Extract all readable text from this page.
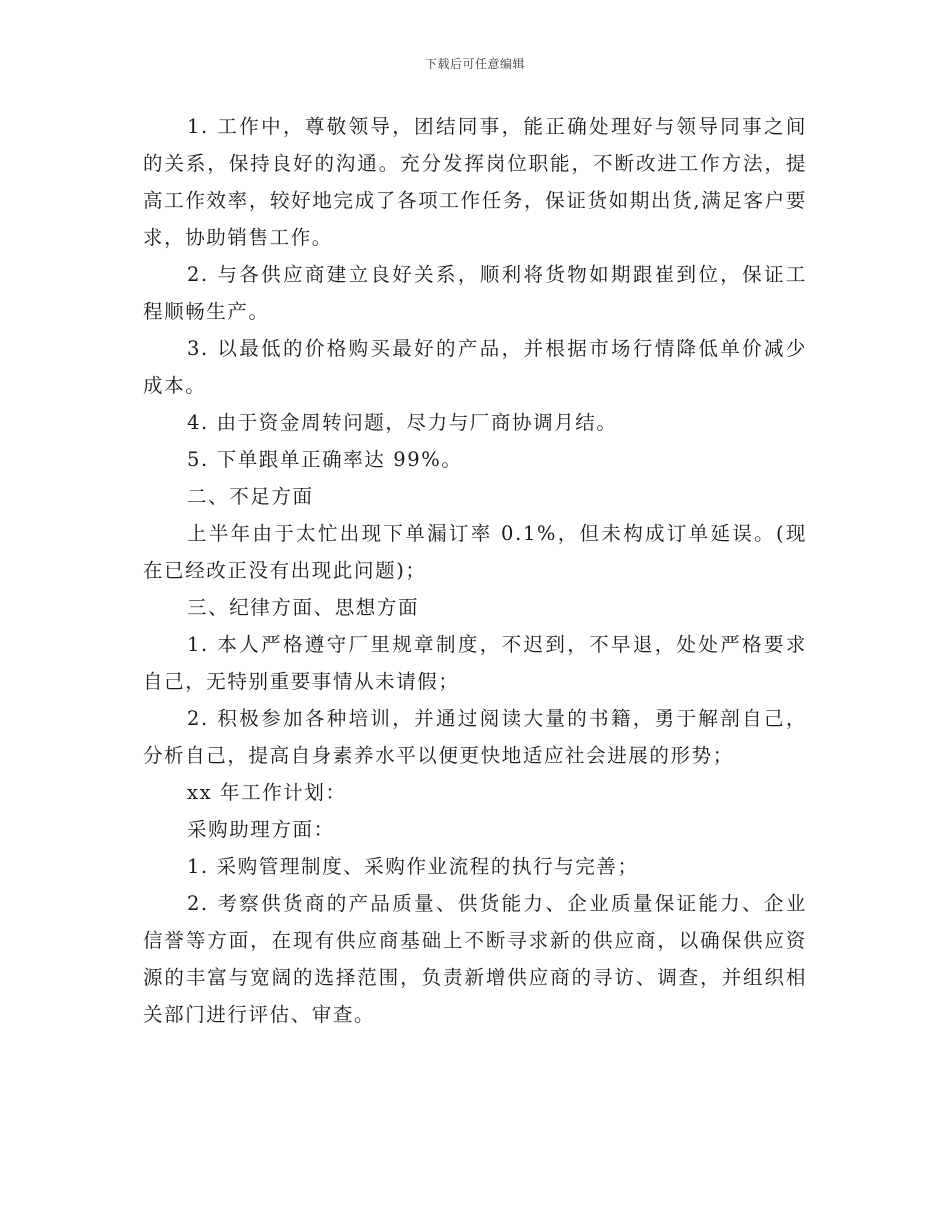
下载后可任意编辑

1. 工作中，尊敬领导，团结同事，能正确处理好与领导同事之间的关系，保持良好的沟通。充分发挥岗位职能，不断改进工作方法，提高工作效率，较好地完成了各项工作任务，保证货如期出货,满足客户要求，协助销售工作。

2. 与各供应商建立良好关系，顺利将货物如期跟崔到位，保证工程顺畅生产。

3. 以最低的价格购买最好的产品，并根据市场行情降低单价减少成本。

4. 由于资金周转问题，尽力与厂商协调月结。

5. 下单跟单正确率达 99%。

二、不足方面

上半年由于太忙出现下单漏订率 0.1%，但未构成订单延误。(现在已经改正没有出现此问题)；

三、纪律方面、思想方面

1. 本人严格遵守厂里规章制度，不迟到，不早退，处处严格要求自己，无特别重要事情从未请假；

2. 积极参加各种培训，并通过阅读大量的书籍，勇于解剖自己，分析自己，提高自身素养水平以便更快地适应社会进展的形势；

xx 年工作计划：

采购助理方面：

1. 采购管理制度、采购作业流程的执行与完善；

2. 考察供货商的产品质量、供货能力、企业质量保证能力、企业信誉等方面，在现有供应商基础上不断寻求新的供应商，以确保供应资源的丰富与宽阔的选择范围，负责新增供应商的寻访、调查，并组织相关部门进行评估、审查。
